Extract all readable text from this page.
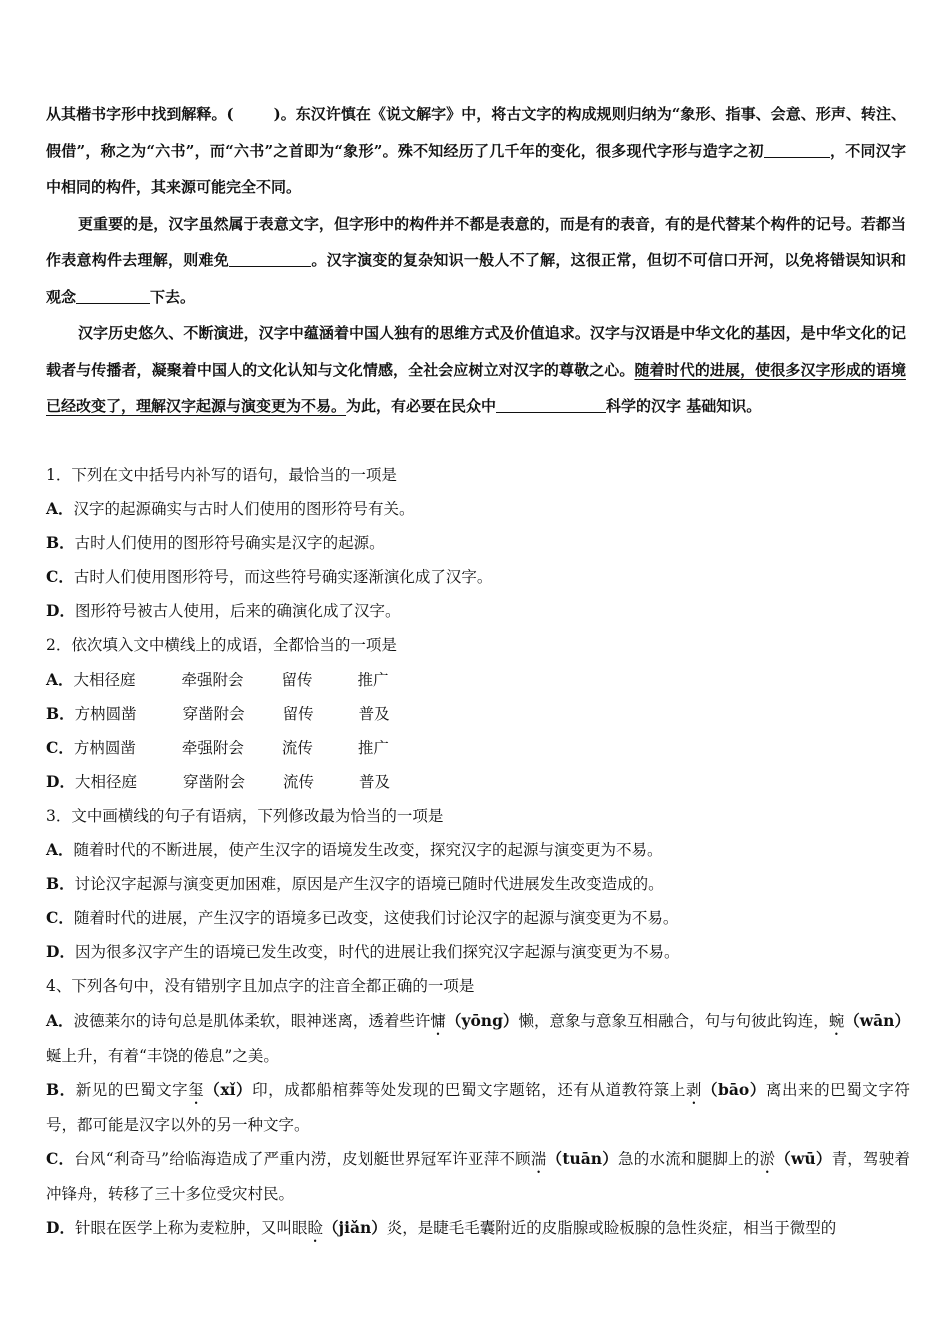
从其楷书字形中找到解释。(	)。东汉许慎在《说文解字》中，将古文字的构成规则归纳为“象形、指事、会意、形声、转注、假借”，称之为“六书”，而“六书”之首即为“象形”。殊不知经历了几千年的变化，很多现代字形与造字之初	，不同汉字中相同的构件，其来源可能完全不同。

更重要的是，汉字虽然属于表意文字，但字形中的构件并不都是表意的，而是有的表音，有的是代替某个构件的记号。若都当作表意构件去理解，则难免	。汉字演变的复杂知识一般人不了解，这很正常，但切不可信口开河，以免将错误知识和观念	下去。

汉字历史悠久、不断演进，汉字中蕴涵着中国人独有的思维方式及价值追求。汉字与汉语是中华文化的基因，是中华文化的记载者与传播者，凝聚着中国人的文化认知与文化情感，全社会应树立对汉字的尊敬之心。随着时代的进展，使很多汉字形成的语境已经改变了，理解汉字起源与演变更为不易。为此，有必要在民众中	科学的汉字 基础知识。

1．下列在文中括号内补写的语句，最恰当的一项是
A．汉字的起源确实与古时人们使用的图形符号有关。
B．古时人们使用的图形符号确实是汉字的起源。
C．古时人们使用图形符号，而这些符号确实逐渐演化成了汉字。
D．图形符号被古人使用，后来的确演化成了汉字。
2．依次填入文中横线上的成语，全都恰当的一项是
A．大相径庭	牵强附会 留传	推广
B．方枘圆凿	穿凿附会 留传	普及
C．方枘圆凿	牵强附会 流传	推广
D．大相径庭	穿凿附会 流传	普及
3．文中画横线的句子有语病，下列修改最为恰当的一项是
A．随着时代的不断进展，使产生汉字的语境发生改变，探究汉字的起源与演变更为不易。
B．讨论汉字起源与演变更加困难，原因是产生汉字的语境已随时代进展发生改变造成的。
C．随着时代的进展，产生汉字的语境多已改变，这使我们讨论汉字的起源与演变更为不易。
D．因为很多汉字产生的语境已发生改变，时代的进展让我们探究汉字起源与演变更为不易。
4、下列各句中，没有错别字且加点字的注音全都正确的一项是
A．波德莱尔的诗句总是肌体柔软，眼神迷离，透着些许慵（yōng）懒，意象与意象互相融合，句与句彼此钩连，蜿（wān）蜒上升，有着“丰饶的倦息”之美。
B．新见的巴蜀文字玺（xǐ）印，成都船棺葬等处发现的巴蜀文字题铭，还有从道教符箓上剥（bāo）离出来的巴蜀文字符号，都可能是汉字以外的另一种文字。
C．台风“利奇马”给临海造成了严重内涝，皮划艇世界冠军许亚萍不顾湍（tuān）急的水流和腿脚上的淤（wū）青，驾驶着冲锋舟，转移了三十多位受灾村民。
D．针眼在医学上称为麦粒肿，又叫眼睑（jiǎn）炎，是睫毛毛囊附近的皮脂腺或睑板腺的急性炎症，相当于微型的
